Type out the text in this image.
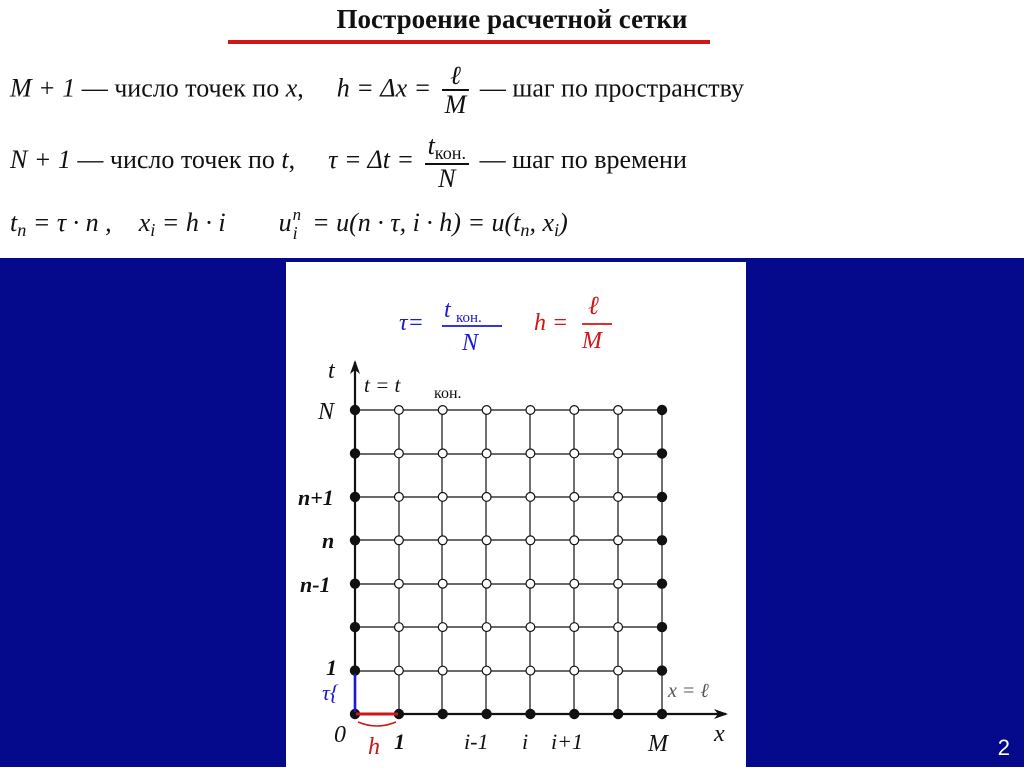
Построение расчетной сетки
M + 1 — число точек по x, $h = \Delta x = \frac{\text{ℓ}}{M}$ — шаг по пространству
N + 1 — число точек по t, $\tau = \Delta t = \frac{t_{кон.}}{N}$ — шаг по времени
$t_n = \tau \cdot n$ , $x_i = h \cdot i$ u n
i = u(n · τ, $i \cdot h) = u(t_n$, $x_i$)
τ= t кон.
N
h =
ℓ
M
t
x
t = t кон.
x = ℓ
N
n+1
n
n-1
1
τ{
h
0 1	i-1 i i+1	M	2
